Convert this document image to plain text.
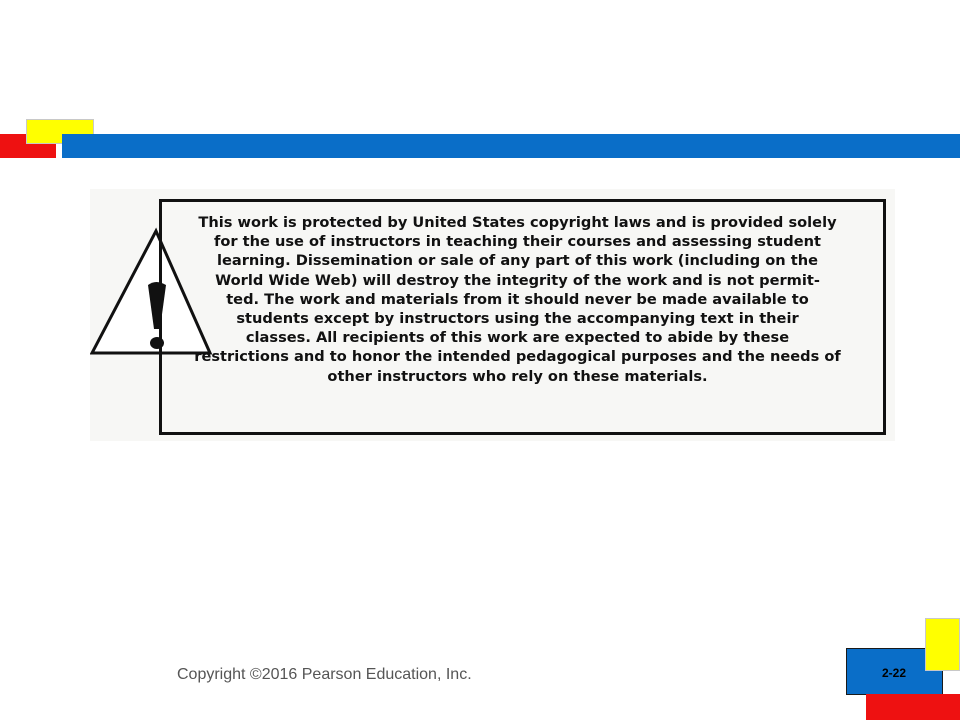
This work is protected by United States copyright laws and is provided solely
for the use of instructors in teaching their courses and assessing student
learning. Dissemination or sale of any part of this work (including on the
World Wide Web) will destroy the integrity of the work and is not permit-
ted. The work and materials from it should never be made available to
students except by instructors using the accompanying text in their
classes. All recipients of this work are expected to abide by these
restrictions and to honor the intended pedagogical purposes and the needs of
other instructors who rely on these materials.

Copyright ©2016 Pearson Education, Inc.	2-22
